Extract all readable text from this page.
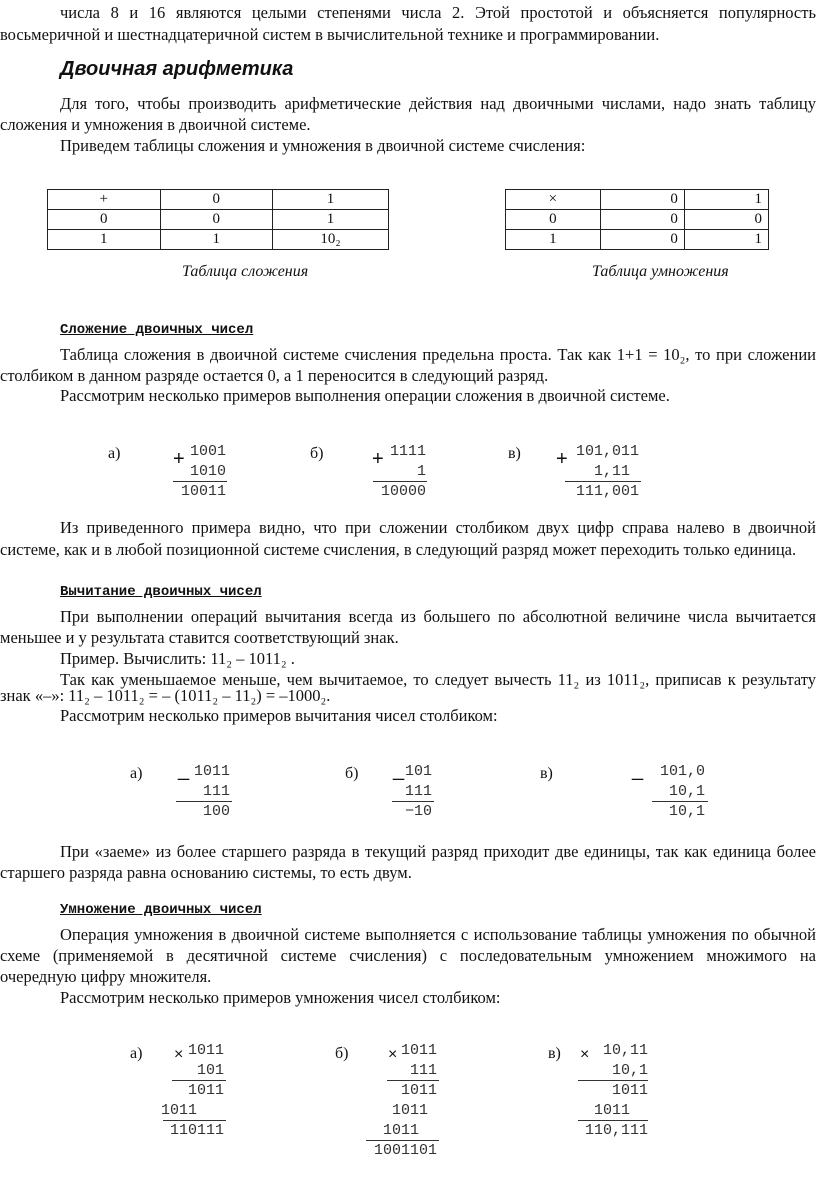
числа 8 и 16 являются целыми степенями числа 2. Этой простотой и объясняется популярность
восьмеричной и шестнадцатеричной систем в вычислительной технике и программировании.
Двоичная арифметика
Для того, чтобы производить арифметические действия над двоичными числами, надо знать таблицу
сложения и умножения в двоичной системе.
Приведем таблицы сложения и умножения в двоичной системе счисления:
+	0	1
0	0	1
1	1	10₂
×	0	1
0	0	0
1	0	1
Таблица сложения	Таблица умножения
Сложение двоичных чисел
Таблица сложения в двоичной системе счисления предельна проста. Так как 1+1 = 10₂, то при сложении
столбиком в данном разряде остается 0, а 1 переносится в следующий разряд.
Рассмотрим несколько примеров выполнения операции сложения в двоичной системе.
а)	+ 1001
1010
10011
б) + 1111
1
10000
в) + 101,011
1,11
111,001
Из приведенного примера видно, что при сложении столбиком двух цифр справа налево в двоичной
системе, как и в любой позиционной системе счисления, в следующий разряд может переходить только единица.
Вычитание двоичных чисел
При выполнении операций вычитания всегда из большего по абсолютной величине числа вычитается
меньшее и у результата ставится соответствующий знак.
Пример. Вычислить: 11₂ – 1011₂ .
Так как уменьшаемое меньше, чем вычитаемое, то следует вычесть 11₂ из 1011₂, приписав к результату
знак «–»: 11₂ – 1011₂ = – (1011₂ – 11₂) = –1000₂.
Рассмотрим несколько примеров вычитания чисел столбиком:
а) _ 1011
111
100
б) _ 101
111
−10
в)	_ 101,0
10,1
10,1
При «заеме» из более старшего разряда в текущий разряд приходит две единицы, так как единица более
старшего разряда равна основанию системы, то есть двум.
Умножение двоичных чисел
Операция умножения в двоичной системе выполняется с использование таблицы умножения по обычной
схеме (применяемой в десятичной системе счисления) с последовательным умножением множимого на
очередную цифру множителя.
Рассмотрим несколько примеров умножения чисел столбиком:
а) × 1011
101
1011
1011
110111
б) × 1011
111
1011
1011
1011
1001101
в) × 10,11
10,1
1011
1011
110,111
